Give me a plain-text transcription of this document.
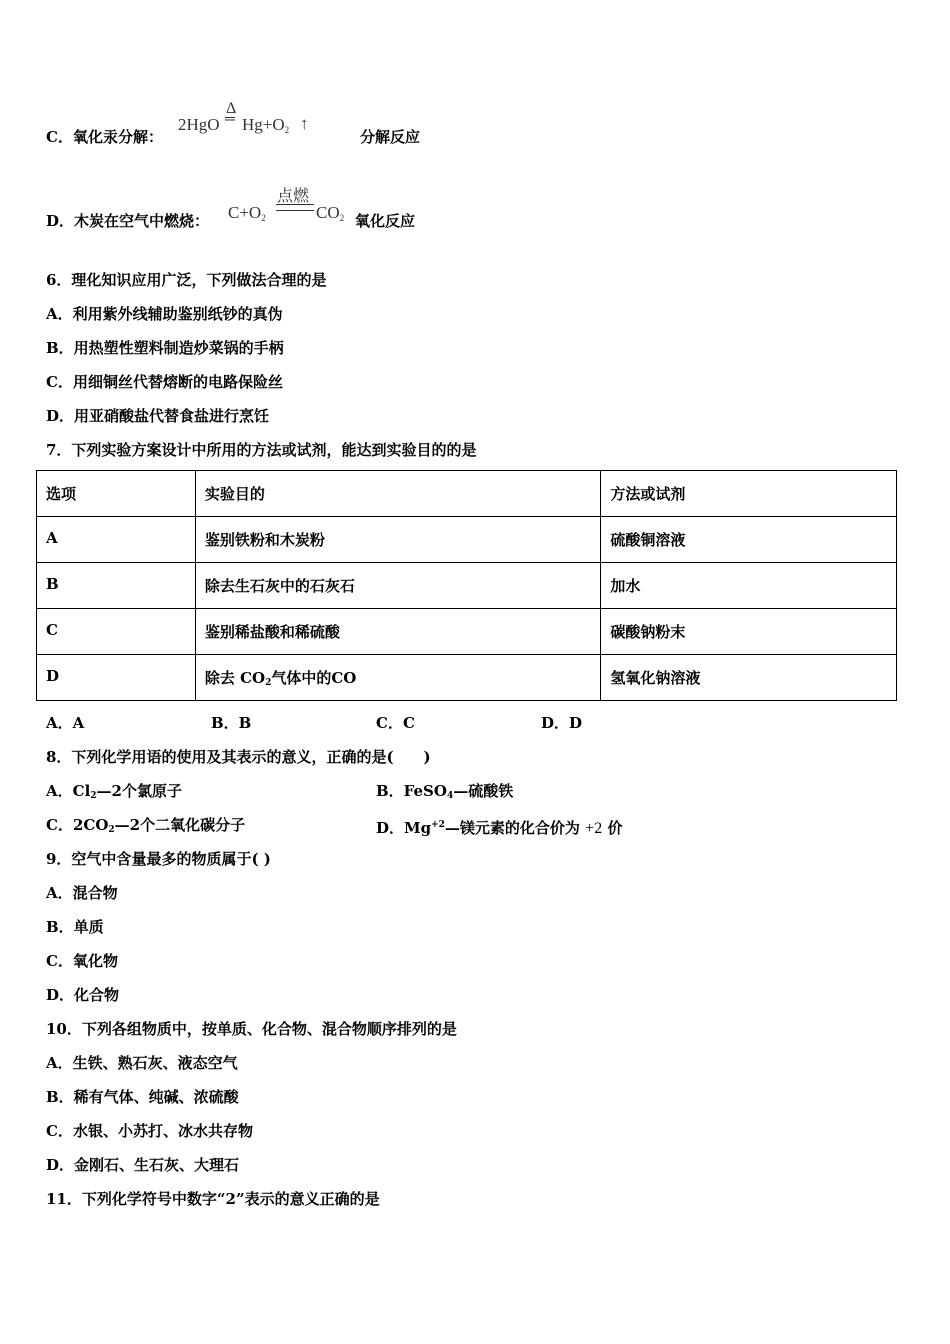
C．氧化汞分解：
2HgO
Δ
═ $Hg+O_2$ ↑
分解反应
D．木炭在空气中燃烧： $C+O_2$
点燃
$CO_2$ 氧化反应
6．理化知识应用广泛，下列做法合理的是
A．利用紫外线辅助鉴别纸钞的真伪
B．用热塑性塑料制造炒菜锅的手柄
C．用细铜丝代替熔断的电路保险丝
D．用亚硝酸盐代替食盐进行烹饪
7．下列实验方案设计中所用的方法或试剂，能达到实验目的的是
选项	实验目的	方法或试剂
A	鉴别铁粉和木炭粉	硫酸铜溶液
B	除去生石灰中的石灰石	加水
C	鉴别稀盐酸和稀硫酸	碳酸钠粉末
D	除去 $CO_2$气体中的CO	氢氧化钠溶液
A．A	B．B	C．C	D．D
8．下列化学用语的使用及其表示的意义，正确的是(　　)
A．$Cl_2—2$个氯原子	B．FeSO$_4$—硫酸铁
C．$2CO_2—2$个二氧化碳分子	D．$Mg^{+2}—$镁元素的化合价为 +2 价
9．空气中含量最多的物质属于( )
A．混合物
B．单质
C．氧化物
D．化合物
10．下列各组物质中，按单质、化合物、混合物顺序排列的是
A．生铁、熟石灰、液态空气
B．稀有气体、纯碱、浓硫酸
C．水银、小苏打、冰水共存物
D．金刚石、生石灰、大理石
11．下列化学符号中数字“2”表示的意义正确的是
